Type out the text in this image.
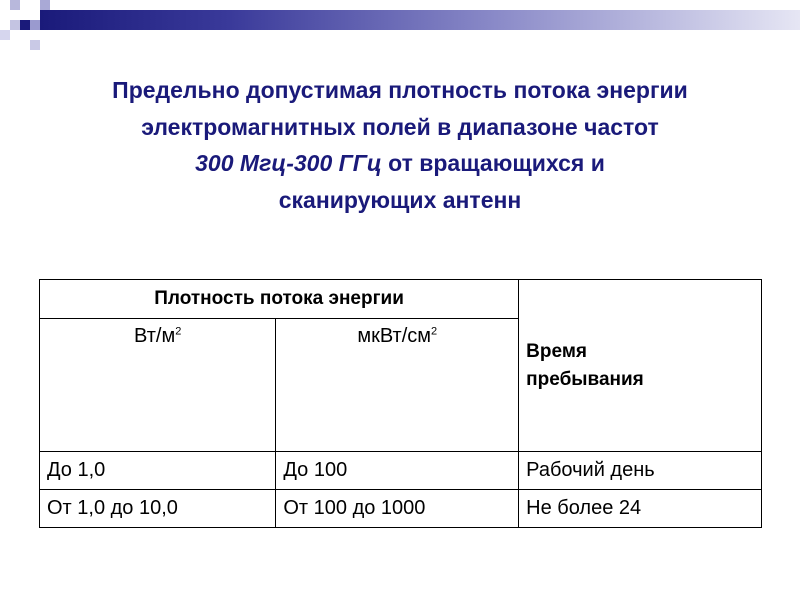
Предельно допустимая плотность потока энергии
электромагнитных полей в диапазоне частот
300 Мгц-300 ГГц от вращающихся и
сканирующих антенн
Плотность потока энергии		Время
пребывания
$Вт/м^2$	мкВт/$см^2$
До 1,0	До 100	Рабочий день
От 1,0 до 10,0	От 100 до 1000	Не более 24
